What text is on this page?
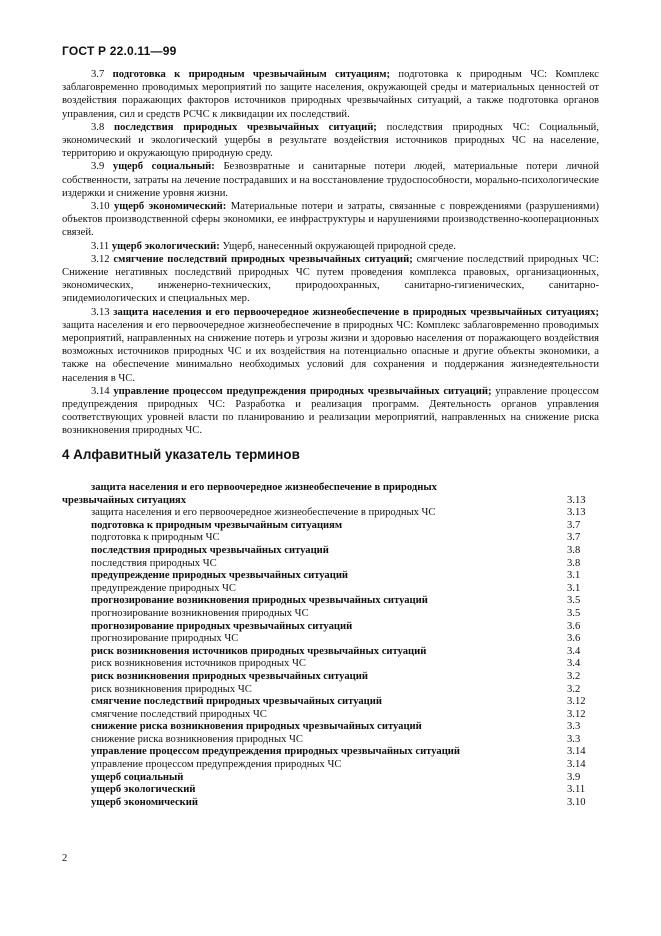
ГОСТ Р 22.0.11—99

3.7 подготовка к природным чрезвычайным ситуациям; подготовка к природным ЧС: Комплекс заблаговременно проводимых мероприятий по защите населения, окружающей среды и материальных ценностей от воздействия поражающих факторов источников природных чрезвычайных ситуаций, а также подготовка органов управления, сил и средств РСЧС к ликвидации их последствий.

3.8 последствия природных чрезвычайных ситуаций; последствия природных ЧС: Социальный, экономический и экологический ущербы в результате воздействия источников природных ЧС на население, территорию и окружающую природную среду.

3.9 ущерб социальный: Безвозвратные и санитарные потери людей, материальные потери личной собственности, затраты на лечение пострадавших и на восстановление трудоспособности, морально-психологические издержки и снижение уровня жизни.

3.10 ущерб экономический: Материальные потери и затраты, связанные с повреждениями (разрушениями) объектов производственной сферы экономики, ее инфраструктуры и нарушениями производственно-кооперационных связей.

3.11 ущерб экологический: Ущерб, нанесенный окружающей природной среде.

3.12 смягчение последствий природных чрезвычайных ситуаций; смягчение последствий природных ЧС: Снижение негативных последствий природных ЧС путем проведения комплекса правовых, организационных, экономических, инженерно-технических, природоохранных, санитарно-гигиенических, санитарно-эпидемиологических и специальных мер.

3.13 защита населения и его первоочередное жизнеобеспечение в природных чрезвычайных ситуациях; защита населения и его первоочередное жизнеобеспечение в природных ЧС: Комплекс заблаговременно проводимых мероприятий, направленных на снижение потерь и угрозы жизни и здоровью населения от поражающего воздействия возможных источников природных ЧС и их воздействия на потенциально опасные и другие объекты экономики, а также на обеспечение минимально необходимых условий для сохранения и поддержания жизнедеятельности населения в ЧС.

3.14 управление процессом предупреждения природных чрезвычайных ситуаций; управление процессом предупреждения природных ЧС: Разработка и реализация программ. Деятельность органов управления соответствующих уровней власти по планированию и реализации мероприятий, направленных на снижение риска возникновения природных ЧС.

4 Алфавитный указатель терминов
защита населения и его первоочередное жизнеобеспечение в природных чрезвычайных ситуациях	3.13
защита населения и его первоочередное жизнеобеспечение в природных ЧС	3.13
подготовка к природным чрезвычайным ситуациям	3.7
подготовка к природным ЧС	3.7
последствия природных чрезвычайных ситуаций	3.8
последствия природных ЧС	3.8
предупреждение природных чрезвычайных ситуаций	3.1
предупреждение природных ЧС	3.1
прогнозирование возникновения природных чрезвычайных ситуаций	3.5
прогнозирование возникновения природных ЧС	3.5
прогнозирование природных чрезвычайных ситуаций	3.6
прогнозирование природных ЧС	3.6
риск возникновения источников природных чрезвычайных ситуаций	3.4
риск возникновения источников природных ЧС	3.4
риск возникновения природных чрезвычайных ситуаций	3.2
риск возникновения природных ЧС	3.2
смягчение последствий природных чрезвычайных ситуаций	3.12
смягчение последствий природных ЧС	3.12
снижение риска возникновения природных чрезвычайных ситуаций	3.3
снижение риска возникновения природных ЧС	3.3
управление процессом предупреждения природных чрезвычайных ситуаций	3.14
управление процессом предупреждения природных ЧС	3.14
ущерб социальный	3.9
ущерб экологический	3.11
ущерб экономический	3.10
2
